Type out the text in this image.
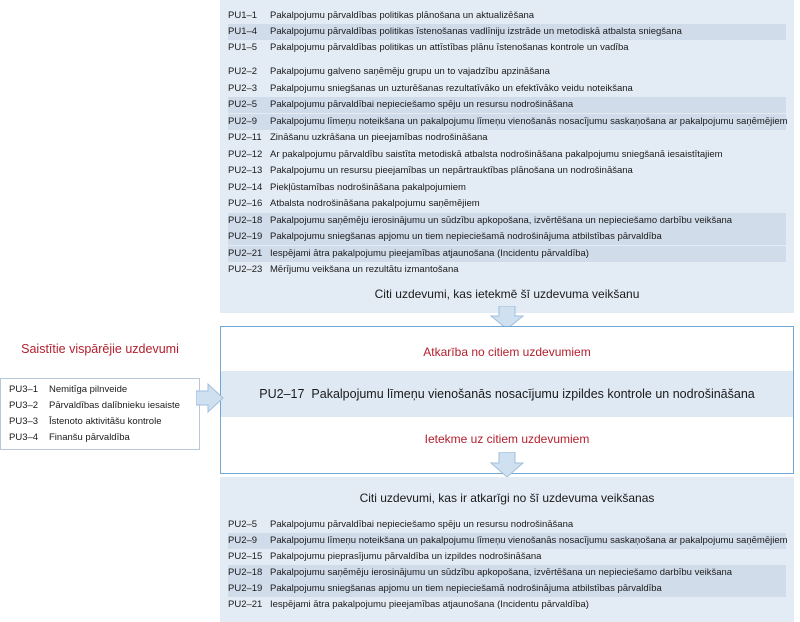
PU1–1 Pakalpojumu pārvaldības politikas plānošana un aktualizēšana
PU1–4 Pakalpojumu pārvaldības politikas īstenošanas vadlīniju izstrāde un metodiskā atbalsta sniegšana
PU1–5 Pakalpojumu pārvaldības politikas un attīstības plānu īstenošanas kontrole un vadība
PU2–2 Pakalpojumu galveno saņēmēju grupu un to vajadzību apzināšana
PU2–3 Pakalpojumu sniegšanas un uzturēšanas rezultatīvāko un efektīvāko veidu noteikšana
PU2–5 Pakalpojumu pārvaldībai nepieciešamo spēju un resursu nodrošināšana
PU2–9 Pakalpojumu līmeņu noteikšana un pakalpojumu līmeņu vienošanās nosacījumu saskaņošana ar pakalpojumu saņēmējiem
PU2–11 Zināšanu uzkrāšana un pieejamības nodrošināšana
PU2–12 Ar pakalpojumu pārvaldību saistīta metodiskā atbalsta nodrošināšana pakalpojumu sniegšanā iesaistītajiem
PU2–13 Pakalpojumu un resursu pieejamības un nepārtrauktības plānošana un nodrošināšana
PU2–14 Piekļūstamības nodrošināšana pakalpojumiem
PU2–16 Atbalsta nodrošināšana pakalpojumu saņēmējiem
PU2–18 Pakalpojumu saņēmēju ierosinājumu un sūdzību apkopošana, izvērtēšana un nepieciešamo darbību veikšana
PU2–19 Pakalpojumu sniegšanas apjomu un tiem nepieciešamā nodrošinājuma atbilstības pārvaldība
PU2–21 Iespējami ātra pakalpojumu pieejamības atjaunošana (Incidentu pārvaldība)
PU2–23 Mērījumu veikšana un rezultātu izmantošana
Citi uzdevumi, kas ietekmē šī uzdevuma veikšanu
Atkarība no citiem uzdevumiem
PU2–17 Pakalpojumu līmeņu vienošanās nosacījumu izpildes kontrole un nodrošināšana
Ietekme uz citiem uzdevumiem
Saistītie vispārējie uzdevumi
PU3–1 Nemitīga pilnveide
PU3–2 Pārvaldības dalībnieku iesaiste
PU3–3 Īstenoto aktivitāšu kontrole
PU3–4 Finanšu pārvaldība
Citi uzdevumi, kas ir atkarīgi no šī uzdevuma veikšanas
PU2–5 Pakalpojumu pārvaldībai nepieciešamo spēju un resursu nodrošināšana
PU2–9 Pakalpojumu līmeņu noteikšana un pakalpojumu līmeņu vienošanās nosacījumu saskaņošana ar pakalpojumu saņēmējiem
PU2–15 Pakalpojumu pieprasījumu pārvaldība un izpildes nodrošināšana
PU2–18 Pakalpojumu saņēmēju ierosinājumu un sūdzību apkopošana, izvērtēšana un nepieciešamo darbību veikšana
PU2–19 Pakalpojumu sniegšanas apjomu un tiem nepieciešamā nodrošinājuma atbilstības pārvaldība
PU2–21 Iespējami ātra pakalpojumu pieejamības atjaunošana (Incidentu pārvaldība)
